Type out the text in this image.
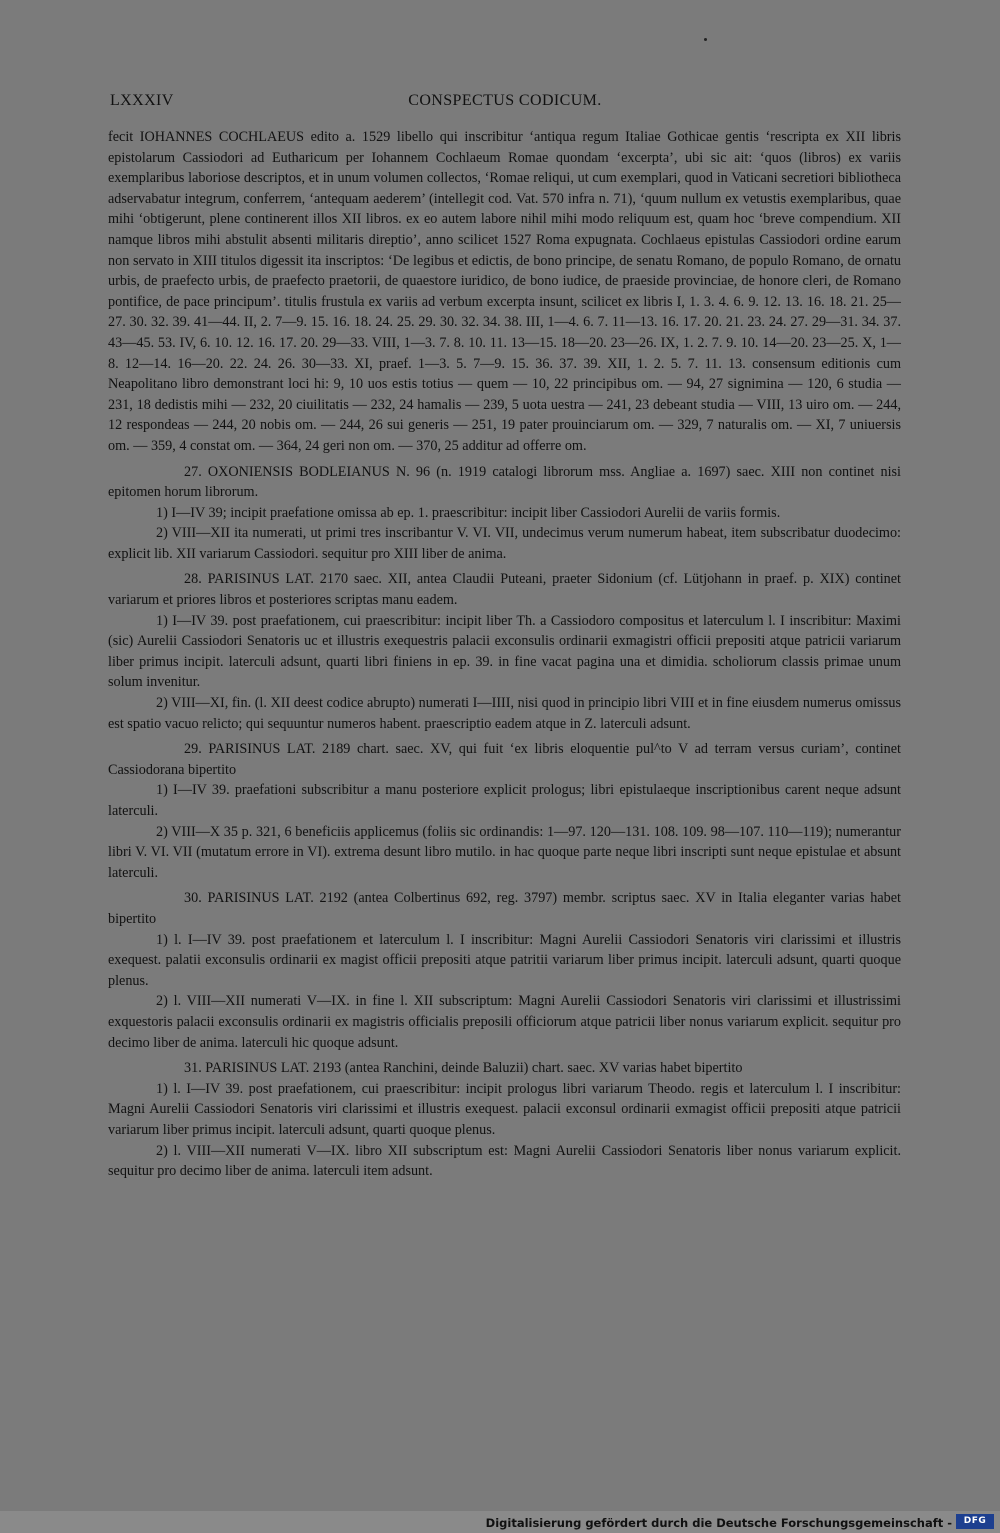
LXXXIV	CONSPECTUS CODICUM.

fecit IOHANNES COCHLAEUS edito a. 1529 libello qui inscribitur ‘antiqua regum Italiae Gothicae gentis ‘rescripta ex XII libris epistolarum Cassiodori ad Eutharicum per Iohannem Cochlaeum Romae quondam ‘excerpta’, ubi sic ait: ‘quos (libros) ex variis exemplaribus laboriose descriptos, et in unum volumen collectos, ‘Romae reliqui, ut cum exemplari, quod in Vaticani secretiori bibliotheca adservabatur integrum, conferrem, ‘antequam aederem’ (intellegit cod. Vat. 570 infra n. 71), ‘quum nullum ex vetustis exemplaribus, quae mihi ‘obtigerunt, plene continerent illos XII libros. ex eo autem labore nihil mihi modo reliquum est, quam hoc ‘breve compendium. XII namque libros mihi abstulit absenti militaris direptio’, anno scilicet 1527 Roma expugnata. Cochlaeus epistulas Cassiodori ordine earum non servato in XIII titulos digessit ita inscriptos: ‘De legibus et edictis, de bono principe, de senatu Romano, de populo Romano, de ornatu urbis, de praefecto urbis, de praefecto praetorii, de quaestore iuridico, de bono iudice, de praeside provinciae, de honore cleri, de Romano pontifice, de pace principum’. titulis frustula ex variis ad verbum excerpta insunt, scilicet ex libris I, 1. 3. 4. 6. 9. 12. 13. 16. 18. 21. 25—27. 30. 32. 39. 41—44. II, 2. 7—9. 15. 16. 18. 24. 25. 29. 30. 32. 34. 38. III, 1—4. 6. 7. 11—13. 16. 17. 20. 21. 23. 24. 27. 29—31. 34. 37. 43—45. 53. IV, 6. 10. 12. 16. 17. 20. 29—33. VIII, 1—3. 7. 8. 10. 11. 13—15. 18—20. 23—26. IX, 1. 2. 7. 9. 10. 14—20. 23—25. X, 1—8. 12—14. 16—20. 22. 24. 26. 30—33. XI, praef. 1—3. 5. 7—9. 15. 36. 37. 39. XII, 1. 2. 5. 7. 11. 13. consensum editionis cum Neapolitano libro demonstrant loci hi: 9, 10 uos estis totius — quem — 10, 22 principibus om. — 94, 27 signimina — 120, 6 studia — 231, 18 dedistis mihi — 232, 20 ciuilitatis — 232, 24 hamalis — 239, 5 uota uestra — 241, 23 debeant studia — VIII, 13 uiro om. — 244, 12 respondeas — 244, 20 nobis om. — 244, 26 sui generis — 251, 19 pater prouinciarum om. — 329, 7 naturalis om. — XI, 7 uniuersis om. — 359, 4 constat om. — 364, 24 geri non om. — 370, 25 additur ad offerre om.

27. OXONIENSIS BODLEIANUS N. 96 (n. 1919 catalogi librorum mss. Angliae a. 1697) saec. XIII non continet nisi epitomen horum librorum.

1) I—IV 39; incipit praefatione omissa ab ep. 1. praescribitur: incipit liber Cassiodori Aurelii de variis formis.

2) VIII—XII ita numerati, ut primi tres inscribantur V. VI. VII, undecimus verum numerum habeat, item subscribatur duodecimo: explicit lib. XII variarum Cassiodori. sequitur pro XIII liber de anima.

28. PARISINUS LAT. 2170 saec. XII, antea Claudii Puteani, praeter Sidonium (cf. Lütjohann in praef. p. XIX) continet variarum et priores libros et posteriores scriptas manu eadem.

1) I—IV 39. post praefationem, cui praescribitur: incipit liber Th. a Cassiodoro compositus et laterculum l. I inscribitur: Maximi (sic) Aurelii Cassiodori Senatoris uc et illustris exequestris palacii exconsulis ordinarii exmagistri officii prepositi atque patricii variarum liber primus incipit. laterculi adsunt, quarti libri finiens in ep. 39. in fine vacat pagina una et dimidia. scholiorum classis primae unum solum invenitur.

2) VIII—XI, fin. (l. XII deest codice abrupto) numerati I—IIII, nisi quod in principio libri VIII et in fine eiusdem numerus omissus est spatio vacuo relicto; qui sequuntur numeros habent. praescriptio eadem atque in Z. laterculi adsunt.

29. PARISINUS LAT. 2189 chart. saec. XV, qui fuit ‘ex libris eloquentie pul^to V ad terram versus curiam’, continet Cassiodorana bipertito

1) I—IV 39. praefationi subscribitur a manu posteriore explicit prologus; libri epistulaeque inscriptionibus carent neque adsunt laterculi.

2) VIII—X 35 p. 321, 6 beneficiis applicemus (foliis sic ordinandis: 1—97. 120—131. 108. 109. 98—107. 110—119); numerantur libri V. VI. VII (mutatum errore in VI). extrema desunt libro mutilo. in hac quoque parte neque libri inscripti sunt neque epistulae et absunt laterculi.

30. PARISINUS LAT. 2192 (antea Colbertinus 692, reg. 3797) membr. scriptus saec. XV in Italia eleganter varias habet bipertito

1) l. I—IV 39. post praefationem et laterculum l. I inscribitur: Magni Aurelii Cassiodori Senatoris viri clarissimi et illustris exequest. palatii exconsulis ordinarii ex magist officii prepositi atque patritii variarum liber primus incipit. laterculi adsunt, quarti quoque plenus.

2) l. VIII—XII numerati V—IX. in fine l. XII subscriptum: Magni Aurelii Cassiodori Senatoris viri clarissimi et illustrissimi exquestoris palacii exconsulis ordinarii ex magistris officialis preposili officiorum atque patricii liber nonus variarum explicit. sequitur pro decimo liber de anima. laterculi hic quoque adsunt.

31. PARISINUS LAT. 2193 (antea Ranchini, deinde Baluzii) chart. saec. XV varias habet bipertito

1) l. I—IV 39. post praefationem, cui praescribitur: incipit prologus libri variarum Theodo. regis et laterculum l. I inscribitur: Magni Aurelii Cassiodori Senatoris viri clarissimi et illustris exequest. palacii exconsul ordinarii exmagist officii prepositi atque patricii variarum liber primus incipit. laterculi adsunt, quarti quoque plenus.

2) l. VIII—XII numerati V—IX. libro XII subscriptum est: Magni Aurelii Cassiodori Senatoris liber nonus variarum explicit. sequitur pro decimo liber de anima. laterculi item adsunt.

Digitalisierung gefördert durch die Deutsche Forschungsgemeinschaft -	DFG
